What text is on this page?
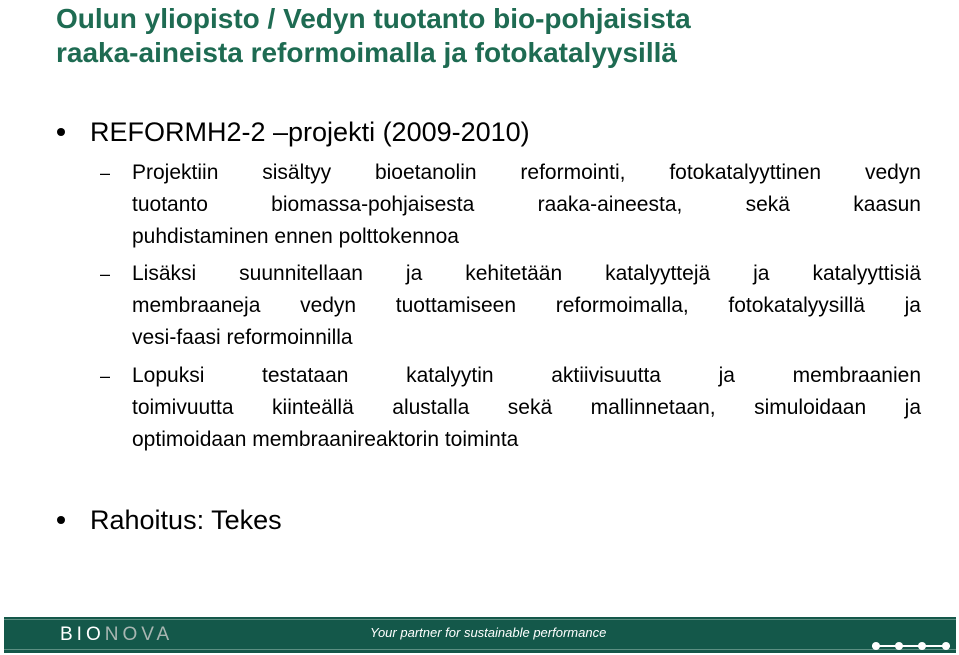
Oulun yliopisto / Vedyn tuotanto bio-pohjaisista
raaka-aineista reformoimalla ja fotokatalyysillä
REFORMH2-2 –projekti (2009-2010)
– Projektiin sisältyy bioetanolin reformointi, fotokatalyyttinen vedyn
tuotanto biomassa-pohjaisesta raaka-aineesta, sekä kaasun
puhdistaminen ennen polttokennoa
– Lisäksi suunnitellaan ja kehitetään katalyyttejä ja katalyyttisiä
membraaneja vedyn tuottamiseen reformoimalla, fotokatalyysillä ja
vesi-faasi reformoinnilla
– Lopuksi testataan katalyytin aktiivisuutta ja membraanien
toimivuutta kiinteällä alustalla sekä mallinnetaan, simuloidaan ja
optimoidaan membraanireaktorin toiminta
Rahoitus: Tekes
BIONOVA	Your partner for sustainable performance
